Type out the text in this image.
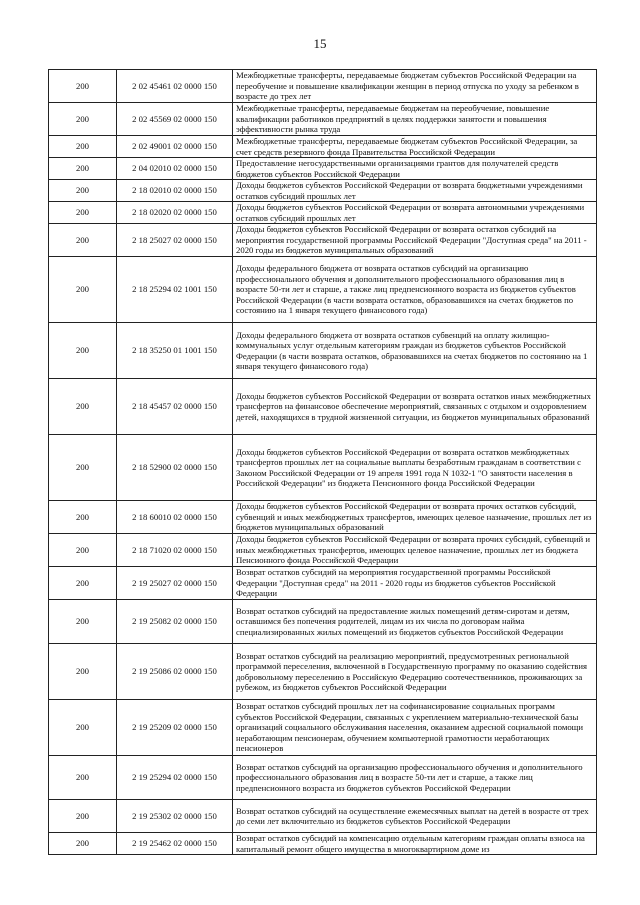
15
200	2 02 45461 02 0000 150	Межбюджетные трансферты, передаваемые бюджетам субъектов Российской Федерации на переобучение и повышение квалификации женщин в период отпуска по уходу за ребенком в возрасте до трех лет
200	2 02 45569 02 0000 150	Межбюджетные трансферты, передаваемые бюджетам на переобучение, повышение квалификации работников предприятий в целях поддержки занятости и повышения эффективности рынка труда
200	2 02 49001 02 0000 150	Межбюджетные трансферты, передаваемые бюджетам субъектов Российской Федерации, за счет средств резервного фонда Правительства Российской Федерации
200	2 04 02010 02 0000 150	Предоставление негосударственными организациями грантов для получателей средств бюджетов субъектов Российской Федерации
200	2 18 02010 02 0000 150	Доходы бюджетов субъектов Российской Федерации от возврата бюджетными учреждениями остатков субсидий прошлых лет
200	2 18 02020 02 0000 150	Доходы бюджетов субъектов Российской Федерации от возврата автономными учреждениями остатков субсидий прошлых лет
200	2 18 25027 02 0000 150	Доходы бюджетов субъектов Российской Федерации от возврата остатков субсидий на мероприятия государственной программы Российской Федерации "Доступная среда" на 2011 - 2020 годы из бюджетов муниципальных образований
200	2 18 25294 02 1001 150	Доходы федерального бюджета от возврата остатков субсидий на организацию профессионального обучения и дополнительного профессионального образования лиц в возрасте 50-ти лет и старше, а также лиц предпенсионного возраста из бюджетов субъектов Российской Федерации (в части возврата остатков, образовавшихся на счетах бюджетов по состоянию на 1 января текущего финансового года)
200	2 18 35250 01 1001 150	Доходы федерального бюджета от возврата остатков субвенций на оплату жилищно-коммунальных услуг отдельным категориям граждан из бюджетов субъектов Российской Федерации (в части возврата остатков, образовавшихся на счетах бюджетов по состоянию на 1 января текущего финансового года)
200	2 18 45457 02 0000 150	Доходы бюджетов субъектов Российской Федерации от возврата остатков иных межбюджетных трансфертов на финансовое обеспечение мероприятий, связанных с отдыхом и оздоровлением детей, находящихся в трудной жизненной ситуации, из бюджетов муниципальных образований
200	2 18 52900 02 0000 150	Доходы бюджетов субъектов Российской Федерации от возврата остатков межбюджетных трансфертов прошлых лет на социальные выплаты безработным гражданам в соответствии с Законом Российской Федерации от 19 апреля 1991 года N 1032-1 "О занятости населения в Российской Федерации" из бюджета Пенсионного фонда Российской Федерации
200	2 18 60010 02 0000 150	Доходы бюджетов субъектов Российской Федерации от возврата прочих остатков субсидий, субвенций и иных межбюджетных трансфертов, имеющих целевое назначение, прошлых лет из бюджетов муниципальных образований
200	2 18 71020 02 0000 150	Доходы бюджетов субъектов Российской Федерации от возврата прочих субсидий, субвенций и иных межбюджетных трансфертов, имеющих целевое назначение, прошлых лет из бюджета Пенсионного фонда Российской Федерации
200	2 19 25027 02 0000 150	Возврат остатков субсидий на мероприятия государственной программы Российской Федерации "Доступная среда" на 2011 - 2020 годы из бюджетов субъектов Российской Федерации
200	2 19 25082 02 0000 150	Возврат остатков субсидий на предоставление жилых помещений детям-сиротам и детям, оставшимся без попечения родителей, лицам из их числа по договорам найма специализированных жилых помещений из бюджетов субъектов Российской Федерации
200	2 19 25086 02 0000 150	Возврат остатков субсидий на реализацию мероприятий, предусмотренных региональной программой переселения, включенной в Государственную программу по оказанию содействия добровольному переселению в Российскую Федерацию соотечественников, проживающих за рубежом, из бюджетов субъектов Российской Федерации
200	2 19 25209 02 0000 150	Возврат остатков субсидий прошлых лет на софинансирование социальных программ субъектов Российской Федерации, связанных с укреплением материально-технической базы организаций социального обслуживания населения, оказанием адресной социальной помощи неработающим пенсионерам, обучением компьютерной грамотности неработающих пенсионеров
200	2 19 25294 02 0000 150	Возврат остатков субсидий на организацию профессионального обучения и дополнительного профессионального образования лиц в возрасте 50-ти лет и старше, а также лиц предпенсионного возраста из бюджетов субъектов Российской Федерации
200	2 19 25302 02 0000 150	Возврат остатков субсидий на осуществление ежемесячных выплат на детей в возрасте от трех до семи лет включительно из бюджетов субъектов Российской Федерации
200	2 19 25462 02 0000 150	Возврат остатков субсидий на компенсацию отдельным категориям граждан оплаты взноса на капитальный ремонт общего имущества в многоквартирном доме из
